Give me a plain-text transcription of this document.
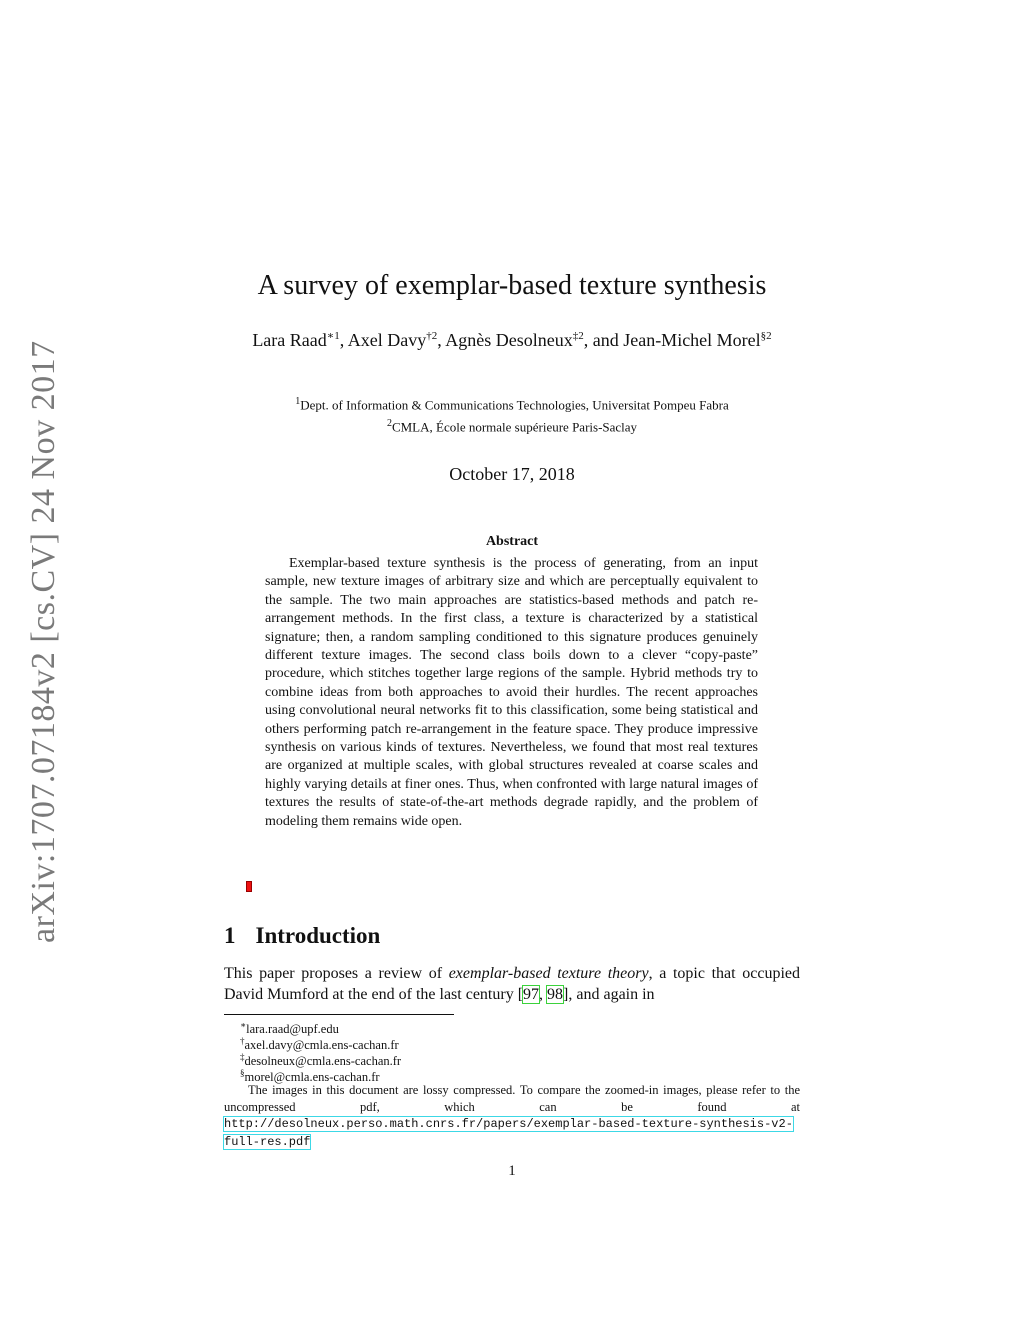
arXiv:1707.07184v2 [cs.CV] 24 Nov 2017
A survey of exemplar-based texture synthesis
Lara Raad$^{∗1}$, Axel Davy$^{\dagger 2}$, Agnès Desolneux$^{\ddagger 2}$, and Jean-Michel Morel$^{\S 2}$
$^1$Dept. of Information & Communications Technologies, Universitat Pompeu Fabra
$^2$CMLA, École normale supérieure Paris-Saclay
October 17, 2018
Abstract
Exemplar-based texture synthesis is the process of generating, from an input sample, new texture images of arbitrary size and which are perceptually equivalent to the sample. The two main approaches are statistics-based methods and patch re-arrangement methods. In the first class, a texture is characterized by a statistical signature; then, a random sampling conditioned to this signature produces genuinely different texture images. The second class boils down to a clever “copy-paste” procedure, which stitches together large regions of the sample. Hybrid methods try to combine ideas from both approaches to avoid their hurdles. The recent approaches using convolutional neural networks fit to this classification, some being statistical and others performing patch re-arrangement in the feature space. They produce impressive synthesis on various kinds of textures. Nevertheless, we found that most real textures are organized at multiple scales, with global structures revealed at coarse scales and highly varying details at finer ones. Thus, when confronted with large natural images of textures the results of state-of-the-art methods degrade rapidly, and the problem of modeling them remains wide open.
1 Introduction
This paper proposes a review of exemplar-based texture theory, a topic that occupied David Mumford at the end of the last century [97, 98], and again in
∗lara.raad@upf.edu
†axel.davy@cmla.ens-cachan.fr
‡desolneux@cmla.ens-cachan.fr
§morel@cmla.ens-cachan.fr
The images in this document are lossy compressed. To compare the zoomed-in images, please refer to the uncompressed pdf, which can be found at http://desolneux.perso.math.cnrs.fr/papers/exemplar-based-texture-synthesis-v2-full-res.pdf
1
